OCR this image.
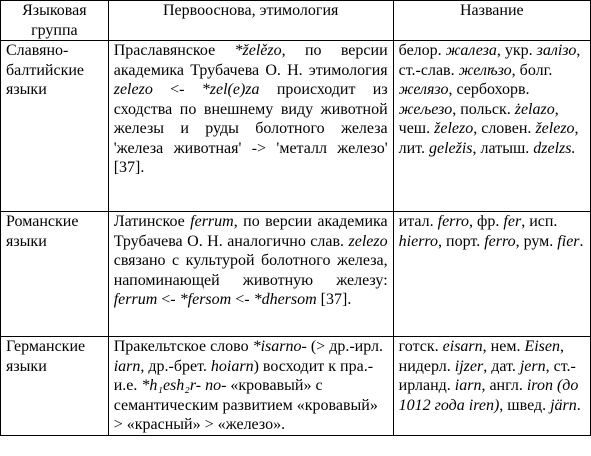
Языковая группа	Первооснова, этимология	Название
Славяно-балтийские языки	Праславянское *želězo, по версии академика Трубачева О. Н. этимология zelezo <- *zel(e)za происходит из сходства по внешнему виду животной железы и руды болотного железа 'железа животная' -> 'металл железо' [37].	белор. жалеза, укр. залізо, ст.-слав. желѣзо, болг. желязо, сербохорв. жељезо, польск. żelazo, чеш. železo, словен. železo, лит. geležis, латыш. dzelzs.
Романские языки	Латинское ferrum, по версии академика Трубачева О. Н. аналогично слав. zelezo связано с культурой болотного железа, напоминающей животную железу: ferrum <- *fersom <- *dhersom [37].	итал. ferro, фр. fer, исп. hierro, порт. ferro, рум. fier.
Германские языки	Пракельтское слово *isarno- (> др.-ирл. iarn, др.-брет. hoiarn) восходит к пра.-и.е. *h₁esh₂r- no- «кровавый» с семантическим развитием «кровавый» > «красный» > «железо».	готск. eisarn, нем. Eisen, нидерл. ijzer, дат. jern, ст.-ирланд. iarn, англ. iron (до 1012 года iren), швед. järn.
